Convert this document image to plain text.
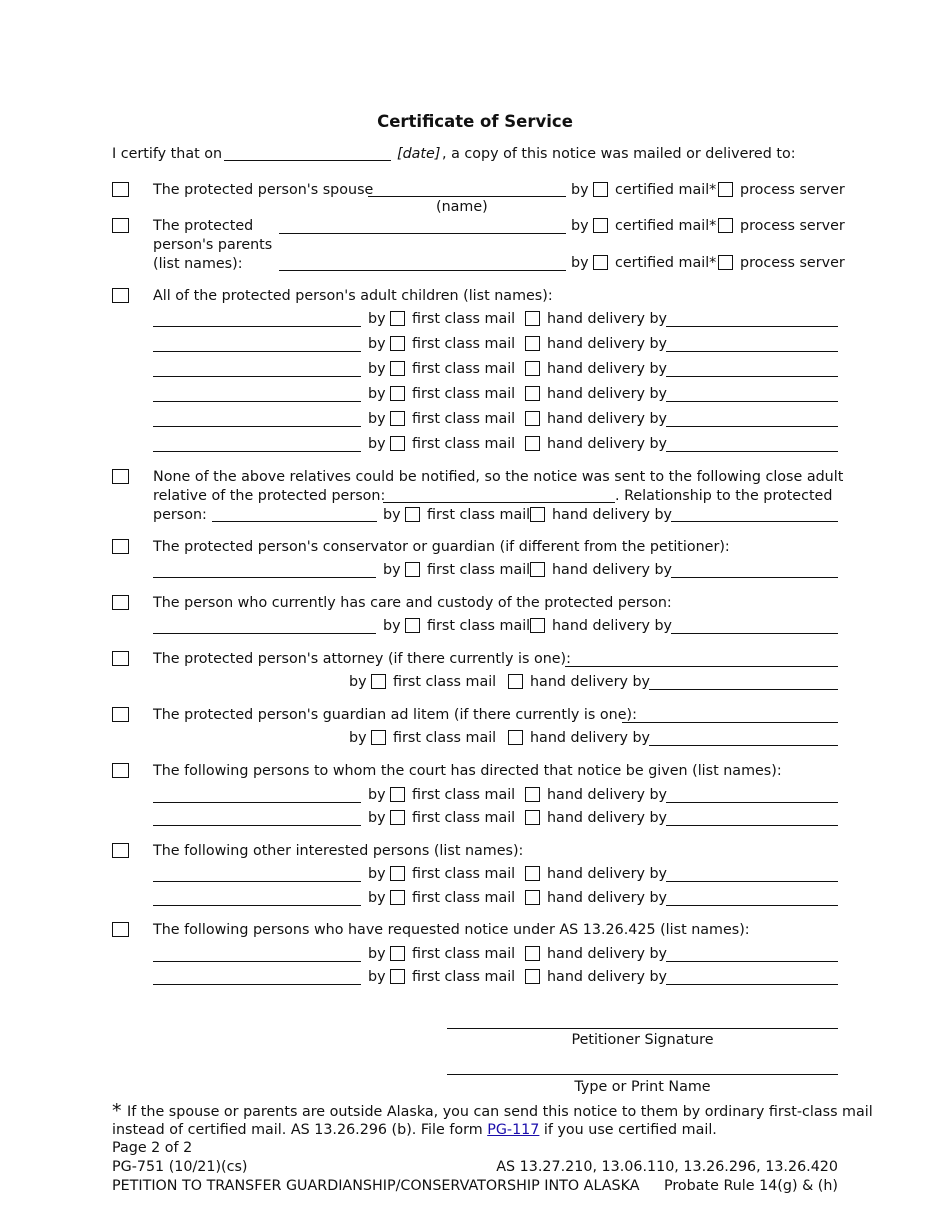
Certificate of Service
I certify that on	[date] , a copy of this notice was mailed or delivered to:
The protected person's spouse
(name)
by certified mail* process server
The protected
person's parents
(list names):
by certified mail* process server
by certified mail* process server
All of the protected person's adult children (list names):
by first class mail hand delivery by
by first class mail hand delivery by
by first class mail hand delivery by
by first class mail hand delivery by
by first class mail hand delivery by
by first class mail hand delivery by
None of the above relatives could be notified, so the notice was sent to the following close adult
relative of the protected person:	. Relationship to the protected
person:	by first class mail hand delivery by
The protected person's conservator or guardian (if different from the petitioner):
by first class mail hand delivery by
The person who currently has care and custody of the protected person:
by first class mail hand delivery by
The protected person's attorney (if there currently is one):
by first class mail hand delivery by
The protected person's guardian ad litem (if there currently is one):
by first class mail hand delivery by
The following persons to whom the court has directed that notice be given (list names):
by first class mail hand delivery by
by first class mail hand delivery by
The following other interested persons (list names):
by first class mail hand delivery by
by first class mail hand delivery by
The following persons who have requested notice under AS 13.26.425 (list names):
by first class mail hand delivery by
by first class mail hand delivery by
Petitioner Signature
Type or Print Name
* If the spouse or parents are outside Alaska, you can send this notice to them by ordinary first-class mail
instead of certified mail. AS 13.26.296 (b). File form PG-117 if you use certified mail.
Page 2 of 2
PG-751 (10/21)(cs)	AS 13.27.210, 13.06.110, 13.26.296, 13.26.420
PETITION TO TRANSFER GUARDIANSHIP/CONSERVATORSHIP INTO ALASKA Probate Rule 14(g) & (h)
